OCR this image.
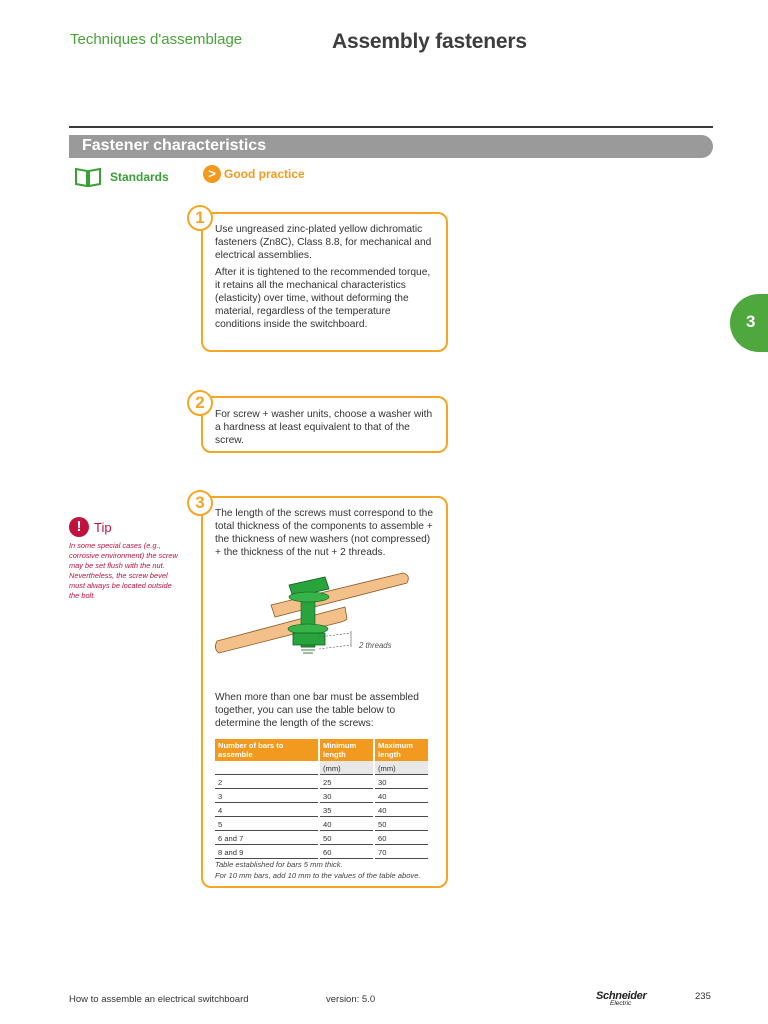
Techniques d'assemblage	Assembly fasteners
Fastener characteristics
Standards	> Good practice

Use ungreased zinc-plated yellow dichromatic fasteners (Zn8C), Class 8.8, for mechanical and electrical assemblies.

After it is tightened to the recommended torque, it retains all the mechanical characteristics (elasticity) over time, without deforming the material, regardless of the temperature conditions inside the switchboard.

1

For screw + washer units, choose a washer with a hardness at least equivalent to that of the screw.

2
! Tip

In some special cases (e.g., corrosive environment) the screw may be set flush with the nut. Nevertheless, the screw bevel must always be located outside the bolt.

The length of the screws must correspond to the total thickness of the components to assemble + the thickness of new washers (not compressed) + the thickness of the nut + 2 threads.

2 threads

When more than one bar must be assembled together, you can use the table below to determine the length of the screws:

Number of bars to assemble	Minimum length	Maximum length
	(mm)	(mm)
2	25	30
3	30	40
4	35	40
5	40	50
6 and 7	50	60
8 and 9	60	70
Table established for bars 5 mm thick.
For 10 mm bars, add 10 mm to the values of the table above.
3
3
How to assemble an electrical switchboard	version: 5.0	Schneider
Electric
235
